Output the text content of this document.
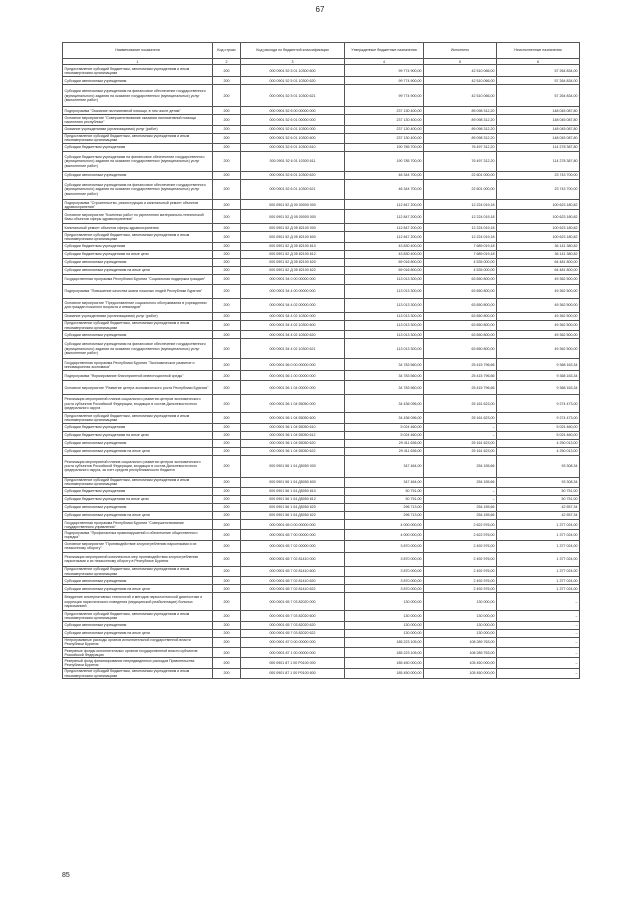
67
Наименование показателя	Код строки	Код расхода по бюджетной классификации	Утвержденные бюджетные назначения	Исполнено	Неисполненные назначения
1	2	3	4	5	6
Предоставление субсидий бюджетным, автономным учреждениям и иным некоммерческим организациям	200	000 0901 52 5 01 10300 600	99 774 900,00	42 510 066,00	57 264 834,00
Субсидии автономным учреждениям	200	000 0901 52 5 01 10300 620	99 774 900,00	42 510 066,00	57 264 834,00
Субсидии автономным учреждениям на финансовое обеспечение государственного (муниципального) задания на оказание государственных (муниципальных) услуг (выполнение работ)	200	000 0901 52 5 01 10300 621	99 774 900,00	42 510 066,00	57 264 834,00
Подпрограмма "Оказание паллиативной помощи, в том числе детям"	200	000 0901 52 6 00 00000 000	237 130 400,00	89 098 312,20	148 045 087,80
Основное мероприятие "Совершенствование оказания паллиативной помощи населению республики"	200	000 0901 52 6 01 00000 000	237 130 400,00	89 098 312,20	148 045 087,80
Оказание учреждениями (организациями) услуг (работ)	200	000 0901 52 6 01 10300 000	237 130 400,00	89 098 312,20	148 045 087,80
Предоставление субсидий бюджетным, автономным учреждениям и иным некоммерческим организациям	200	000 0901 52 6 01 10300 600	237 130 400,00	89 098 312,20	148 045 087,80
Субсидии бюджетным учреждениям	200	000 0901 52 6 01 10300 610	190 785 700,00	76 497 312,20	114 278 387,80
Субсидии бюджетным учреждениям на финансовое обеспечение государственного (муниципального) задания на оказание государственных (муниципальных) услуг (выполнение работ)	200	000 0901 52 6 01 10300 611	190 785 700,00	76 497 312,20	114 278 387,80
Субсидии автономным учреждениям	200	000 0901 52 6 01 10300 620	46 344 700,00	22 601 000,00	23 743 700,00
Субсидии автономным учреждениям на финансовое обеспечение государственного (муниципального) задания на оказание государственных (муниципальных) услуг (выполнение работ)	200	000 0901 52 6 01 10300 621	46 344 700,00	22 601 000,00	23 743 700,00
Подпрограмма "Строительство, реконструкция и капитальный ремонт объектов здравоохранения"	200	000 0901 52 Д 00 00000 000	112 847 200,00	12 224 019,18	100 623 180,82
Основное мероприятие "Комплекс работ по укреплению материально-технической базы объектов сферы здравоохранения"	200	000 0901 52 Д 05 00000 000	112 847 200,00	12 224 019,18	100 623 180,82
Капитальный ремонт объектов сферы здравоохранения	200	000 0901 52 Д 05 82100 000	112 847 200,00	12 224 019,18	100 623 180,82
Предоставление субсидий бюджетным, автономным учреждениям и иным некоммерческим организациям	200	000 0901 52 Д 05 82100 600	112 847 200,00	12 224 019,18	100 623 180,82
Субсидии бюджетным учреждениям	200	000 0901 52 Д 05 82100 610	43 830 400,00	7 689 019,18	36 141 380,82
Субсидии бюджетным учреждениям на иные цели	200	000 0901 52 Д 05 82100 612	43 830 400,00	7 689 019,18	36 141 380,82
Субсидии автономным учреждениям	200	000 0901 52 Д 05 82100 620	69 016 800,00	4 535 000,00	64 481 800,00
Субсидии автономным учреждениям на иные цели	200	000 0901 52 Д 05 82100 622	69 016 800,00	4 535 000,00	64 481 800,00
Государственная программа Республики Бурятия "Социальная поддержка граждан"	200	000 0901 54 0 00 00000 000	113 013 300,00	63 650 800,00	49 362 500,00
Подпрограмма "Повышение качества жизни пожилых людей Республики Бурятия"	200	000 0901 54 4 00 00000 000	113 013 300,00	63 650 800,00	49 362 500,00
Основное мероприятие "Предоставление социального обслуживания в учреждениях для граждан пожилого возраста и инвалидов"	200	000 0901 54 4 02 00000 000	113 013 300,00	63 650 800,00	49 362 500,00
Оказание учреждениями (организациями) услуг (работ)	200	000 0901 54 4 02 10300 000	113 013 300,00	63 650 800,00	49 362 500,00
Предоставление субсидий бюджетным, автономным учреждениям и иным некоммерческим организациям	200	000 0901 54 4 02 10300 600	113 013 300,00	63 650 800,00	49 362 500,00
Субсидии автономным учреждениям	200	000 0901 54 4 02 10300 620	113 013 300,00	63 650 800,00	49 362 500,00
Субсидии автономным учреждениям на финансовое обеспечение государственного (муниципального) задания на оказание государственных (муниципальных) услуг (выполнение работ)	200	000 0901 54 4 02 10300 621	113 013 300,00	63 650 800,00	49 362 500,00
Государственная программа Республики Бурятия "Экономическое развитие и инновационная экономика"	200	000 0901 56 0 00 00000 000	34 783 560,00	25 415 796,66	9 368 163,34
Подпрограмма "Формирование благоприятной инвестиционной среды"	200	000 0901 56 1 00 00000 000	34 783 560,00	25 415 796,66	9 368 163,34
Основное мероприятие "Развитие центра экономического роста Республики Бурятия"	200	000 0901 56 1 04 00000 000	34 783 560,00	25 415 796,66	9 368 163,34
Реализация мероприятий планов социального развития центров экономического роста субъектов Российской Федерации, входящих в состав Дальневосточного федерального округа	200	000 0901 56 1 04 55050 000	34 436 096,00	25 161 623,00	9 274 473,00
Предоставление субсидий бюджетным, автономным учреждениям и иным некоммерческим организациям	200	000 0901 56 1 04 55050 600	34 436 096,00	25 161 623,00	9 274 473,00
Субсидии бюджетным учреждениям	200	000 0901 56 1 04 55050 610	5 024 460,00	–	5 024 460,00
Субсидии бюджетным учреждениям на иные цели	200	000 0901 56 1 04 55050 612	5 024 460,00	–	5 024 460,00
Субсидии автономным учреждениям	200	000 0901 56 1 04 55050 620	29 411 636,00	25 161 623,00	4 250 013,00
Субсидии автономным учреждениям на иные цели	200	000 0901 56 1 04 55050 622	29 411 636,00	25 161 623,00	4 250 013,00
Реализация мероприятий планов социального развития центров экономического роста субъектов Российской Федерации, входящих в состав Дальневосточного федерального округа, за счет средств республиканского бюджета	200	000 0901 56 1 04 Д5050 000	347 464,00	254 155,66	93 308,34
Предоставление субсидий бюджетным, автономным учреждениям и иным некоммерческим организациям	200	000 0901 56 1 04 Д5050 600	347 464,00	254 155,66	93 308,34
Субсидии бюджетным учреждениям	200	000 0901 56 1 04 Д5050 610	50 751,00	–	50 751,00
Субсидии бюджетным учреждениям на иные цели	200	000 0901 56 1 04 Д5050 612	50 751,00	–	50 751,00
Субсидии автономным учреждениям	200	000 0901 56 1 04 Д5050 620	296 713,00	254 155,66	42 557,34
Субсидии автономным учреждениям на иные цели	200	000 0901 56 1 04 Д5050 622	296 713,00	254 155,66	42 557,34
Государственная программа Республики Бурятия "Совершенствование государственного управления"	200	000 0901 65 0 00 00000 000	4 000 000,00	2 622 976,00	1 377 024,00
Подпрограмма "Профилактика правонарушений и обеспечение общественного порядка"	200	000 0901 65 7 00 00000 000	4 000 000,00	2 622 976,00	1 377 024,00
Основное мероприятие "Противодействие злоупотреблению наркотиками и их незаконному обороту"	200	000 0901 65 7 02 00000 000	3 870 000,00	2 492 976,00	1 377 024,00
Реализация мероприятий комплексных мер противодействия злоупотреблению наркотиками и их незаконному обороту в Республике Бурятия	200	000 0901 65 7 02 81410 000	3 870 000,00	2 492 976,00	1 377 024,00
Предоставление субсидий бюджетным, автономным учреждениям и иным некоммерческим организациям	200	000 0901 65 7 02 81410 600	3 870 000,00	2 492 976,00	1 377 024,00
Субсидии автономным учреждениям	200	000 0901 65 7 02 81410 620	3 870 000,00	2 492 976,00	1 377 024,00
Субсидии автономным учреждениям на иные цели	200	000 0901 65 7 02 81410 622	3 870 000,00	2 492 976,00	1 377 024,00
Внедрение альтернативных технологий и методов наркологической диагностики и коррекции наркотического поведения (медицинской реабилитации) больных наркоманией	200	000 0901 65 7 03 82020 000	130 000,00	130 000,00	–
Предоставление субсидий бюджетным, автономным учреждениям и иным некоммерческим организациям	200	000 0901 65 7 03 82020 600	130 000,00	130 000,00	–
Субсидии автономным учреждениям	200	000 0901 65 7 03 82020 620	130 000,00	130 000,00	–
Субсидии автономным учреждениям на иные цели	200	000 0901 65 7 03 82020 622	130 000,00	130 000,00	–
Непрограммные расходы органов исполнительной государственной власти Республики Бурятия	200	000 0901 87 0 00 00000 000	185 223 105,00	108 289 763,00	–
Резервные фонды исполнительных органов государственной власти субъектов Российской Федерации	200	000 0901 87 1 00 00000 000	185 223 105,00	108 289 763,00	–
Резервный фонд финансирования непредвиденных расходов Правительства Республики Бурятия	200	000 0901 87 1 00 P0100 000	185 450 000,00	105 450 000,00	–
Предоставление субсидий бюджетным, автономным учреждениям и иным некоммерческим организациям	200	000 0901 87 1 00 P0100 600	185 450 000,00	105 450 000,00	–
85
